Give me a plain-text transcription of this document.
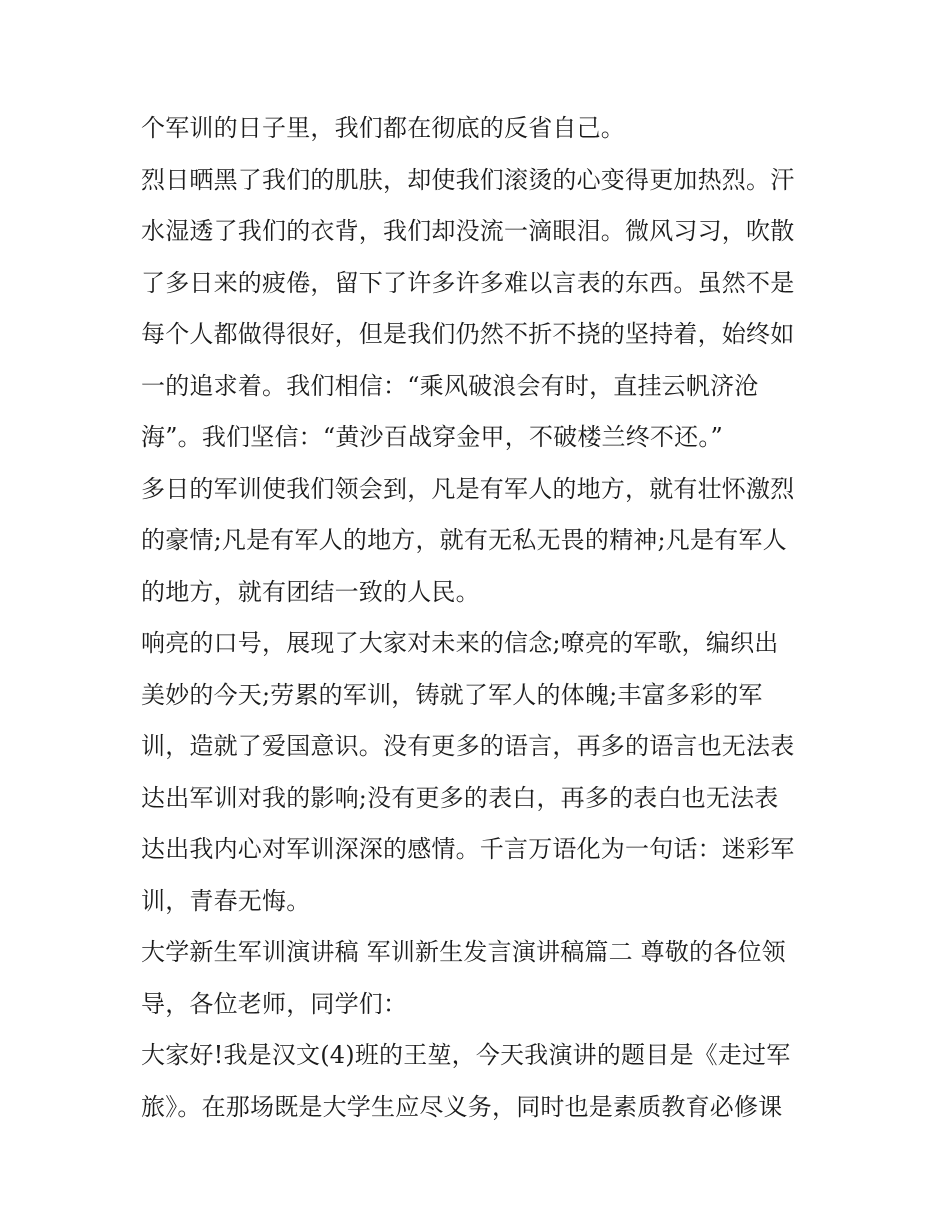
个军训的日子里，我们都在彻底的反省自己。
烈日晒黑了我们的肌肤，却使我们滚烫的心变得更加热烈。汗
水湿透了我们的衣背，我们却没流一滴眼泪。微风习习，吹散
了多日来的疲倦，留下了许多许多难以言表的东西。虽然不是
每个人都做得很好，但是我们仍然不折不挠的坚持着，始终如
一的追求着。我们相信：“乘风破浪会有时，直挂云帆济沧
海”。我们坚信：“黄沙百战穿金甲，不破楼兰终不还。”
多日的军训使我们领会到，凡是有军人的地方，就有壮怀激烈
的豪情;凡是有军人的地方，就有无私无畏的精神;凡是有军人
的地方，就有团结一致的人民。
响亮的口号，展现了大家对未来的信念;嘹亮的军歌，编织出
美妙的今天;劳累的军训，铸就了军人的体魄;丰富多彩的军
训，造就了爱国意识。没有更多的语言，再多的语言也无法表
达出军训对我的影响;没有更多的表白，再多的表白也无法表
达出我内心对军训深深的感情。千言万语化为一句话：迷彩军
训，青春无悔。
大学新生军训演讲稿 军训新生发言演讲稿篇二 尊敬的各位领
导，各位老师，同学们：
大家好!我是汉文(4)班的王堃，今天我演讲的题目是《走过军
旅》。在那场既是大学生应尽义务，同时也是素质教育必修课
